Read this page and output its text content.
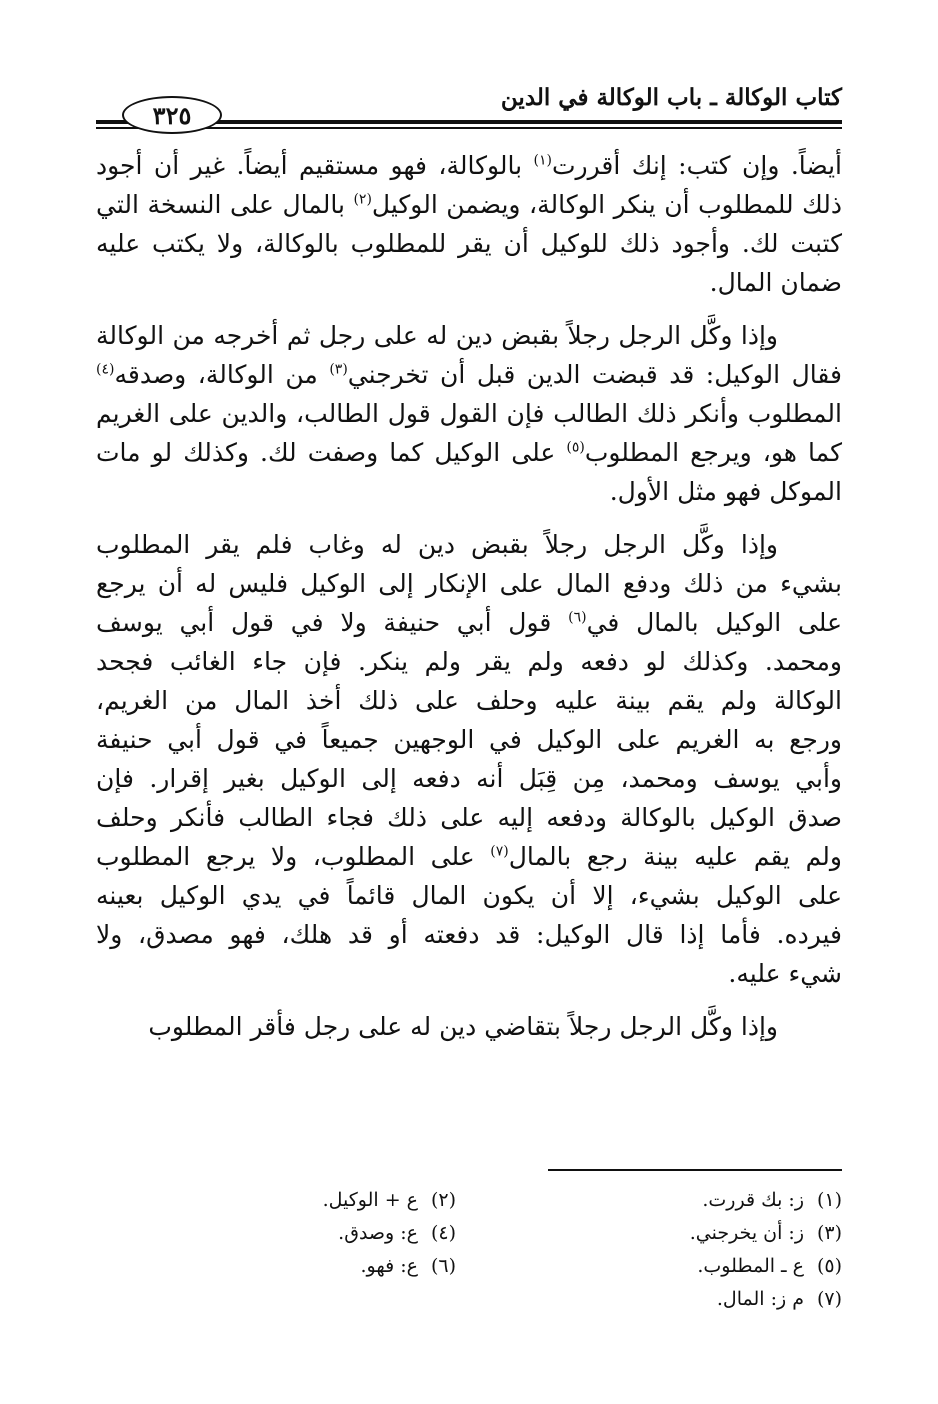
كتاب الوكالة ـ باب الوكالة في الدين
٣٢٥
أيضاً. وإن كتب: إنك أقررت$^{(١)}$ بالوكالة، فهو مستقيم أيضاً. غير أن أجود
ذلك للمطلوب أن ينكر الوكالة، ويضمن الوكيل$^{(٢)}$ بالمال على النسخة التي
كتبت لك. وأجود ذلك للوكيل أن يقر للمطلوب بالوكالة، ولا يكتب عليه
ضمان المال.
وإذا وكَّل الرجل رجلاً بقبض دين له على رجل ثم أخرجه من الوكالة
فقال الوكيل: قد قبضت الدين قبل أن تخرجني$^{(٣)}$ من الوكالة، وصدقه$^{(٤)}$
المطلوب وأنكر ذلك الطالب فإن القول قول الطالب، والدين على الغريم
كما هو، ويرجع المطلوب$^{(٥)}$ على الوكيل كما وصفت لك. وكذلك لو مات
الموكل فهو مثل الأول.
وإذا وكَّل الرجل رجلاً بقبض دين له وغاب فلم يقر المطلوب
بشيء من ذلك ودفع المال على الإنكار إلى الوكيل فليس له أن يرجع
على الوكيل بالمال في$^{(٦)}$ قول أبي حنيفة ولا في قول أبي يوسف
ومحمد. وكذلك لو دفعه ولم يقر ولم ينكر. فإن جاء الغائب فجحد
الوكالة ولم يقم بينة عليه وحلف على ذلك أخذ المال من الغريم،
ورجع به الغريم على الوكيل في الوجهين جميعاً في قول أبي حنيفة
وأبي يوسف ومحمد، مِن قِبَل أنه دفعه إلى الوكيل بغير إقرار. فإن
صدق الوكيل بالوكالة ودفعه إليه على ذلك فجاء الطالب فأنكر وحلف
ولم يقم عليه بينة رجع بالمال$^{(٧)}$ على المطلوب، ولا يرجع المطلوب
على الوكيل بشيء، إلا أن يكون المال قائماً في يدي الوكيل بعينه
فيرده. فأما إذا قال الوكيل: قد دفعته أو قد هلك، فهو مصدق، ولا
شيء عليه.
وإذا وكَّل الرجل رجلاً بتقاضي دين له على رجل فأقر المطلوب
(١)ز: بك قررت.
(٣)ز: أن يخرجني.
(٥)ع ـ المطلوب.
(٧)م ز: المال.
(٢)ع + الوكيل.
(٤)ع: وصدق.
(٦)ع: فهو.
